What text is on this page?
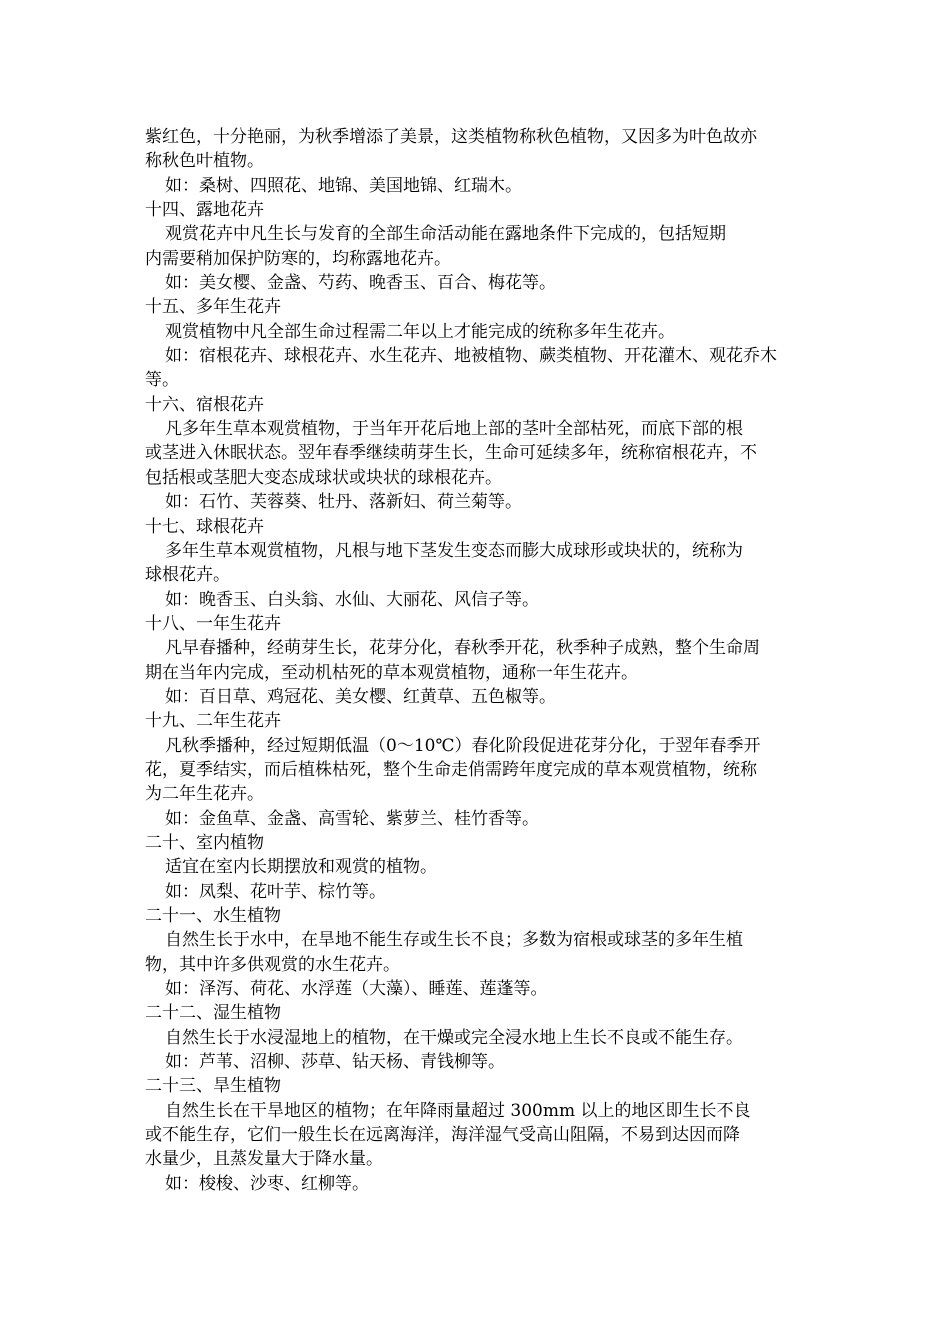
紫红色，十分艳丽，为秋季增添了美景，这类植物称秋色植物，又因多为叶色故亦
称秋色叶植物。
如：桑树、四照花、地锦、美国地锦、红瑞木。
十四、露地花卉
观赏花卉中凡生长与发育的全部生命活动能在露地条件下完成的，包括短期
内需要稍加保护防寒的，均称露地花卉。
如：美女樱、金盏、芍药、晚香玉、百合、梅花等。
十五、多年生花卉
观赏植物中凡全部生命过程需二年以上才能完成的统称多年生花卉。
如：宿根花卉、球根花卉、水生花卉、地被植物、蕨类植物、开花灌木、观花乔木
等。
十六、宿根花卉
凡多年生草本观赏植物，于当年开花后地上部的茎叶全部枯死，而底下部的根
或茎进入休眠状态。翌年春季继续萌芽生长，生命可延续多年，统称宿根花卉，不
包括根或茎肥大变态成球状或块状的球根花卉。
如：石竹、芙蓉葵、牡丹、落新妇、荷兰菊等。
十七、球根花卉
多年生草本观赏植物，凡根与地下茎发生变态而膨大成球形或块状的，统称为
球根花卉。
如：晚香玉、白头翁、水仙、大丽花、风信子等。
十八、一年生花卉
凡早春播种，经萌芽生长，花芽分化，春秋季开花，秋季种子成熟，整个生命周
期在当年内完成，至动机枯死的草本观赏植物，通称一年生花卉。
如：百日草、鸡冠花、美女樱、红黄草、五色椒等。
十九、二年生花卉
凡秋季播种，经过短期低温（0～10℃）春化阶段促进花芽分化，于翌年春季开
花，夏季结实，而后植株枯死，整个生命走俏需跨年度完成的草本观赏植物，统称
为二年生花卉。
如：金鱼草、金盏、高雪轮、紫萝兰、桂竹香等。
二十、室内植物
适宜在室内长期摆放和观赏的植物。
如：凤梨、花叶芋、棕竹等。
二十一、水生植物
自然生长于水中，在旱地不能生存或生长不良；多数为宿根或球茎的多年生植
物，其中许多供观赏的水生花卉。
如：泽泻、荷花、水浮莲（大藻）、睡莲、莲蓬等。
二十二、湿生植物
自然生长于水浸湿地上的植物，在干燥或完全浸水地上生长不良或不能生存。
如：芦苇、沼柳、莎草、钻天杨、青钱柳等。
二十三、旱生植物
自然生长在干旱地区的植物；在年降雨量超过 300mm 以上的地区即生长不良
或不能生存，它们一般生长在远离海洋，海洋湿气受高山阻隔，不易到达因而降
水量少，且蒸发量大于降水量。
如：梭梭、沙枣、红柳等。
